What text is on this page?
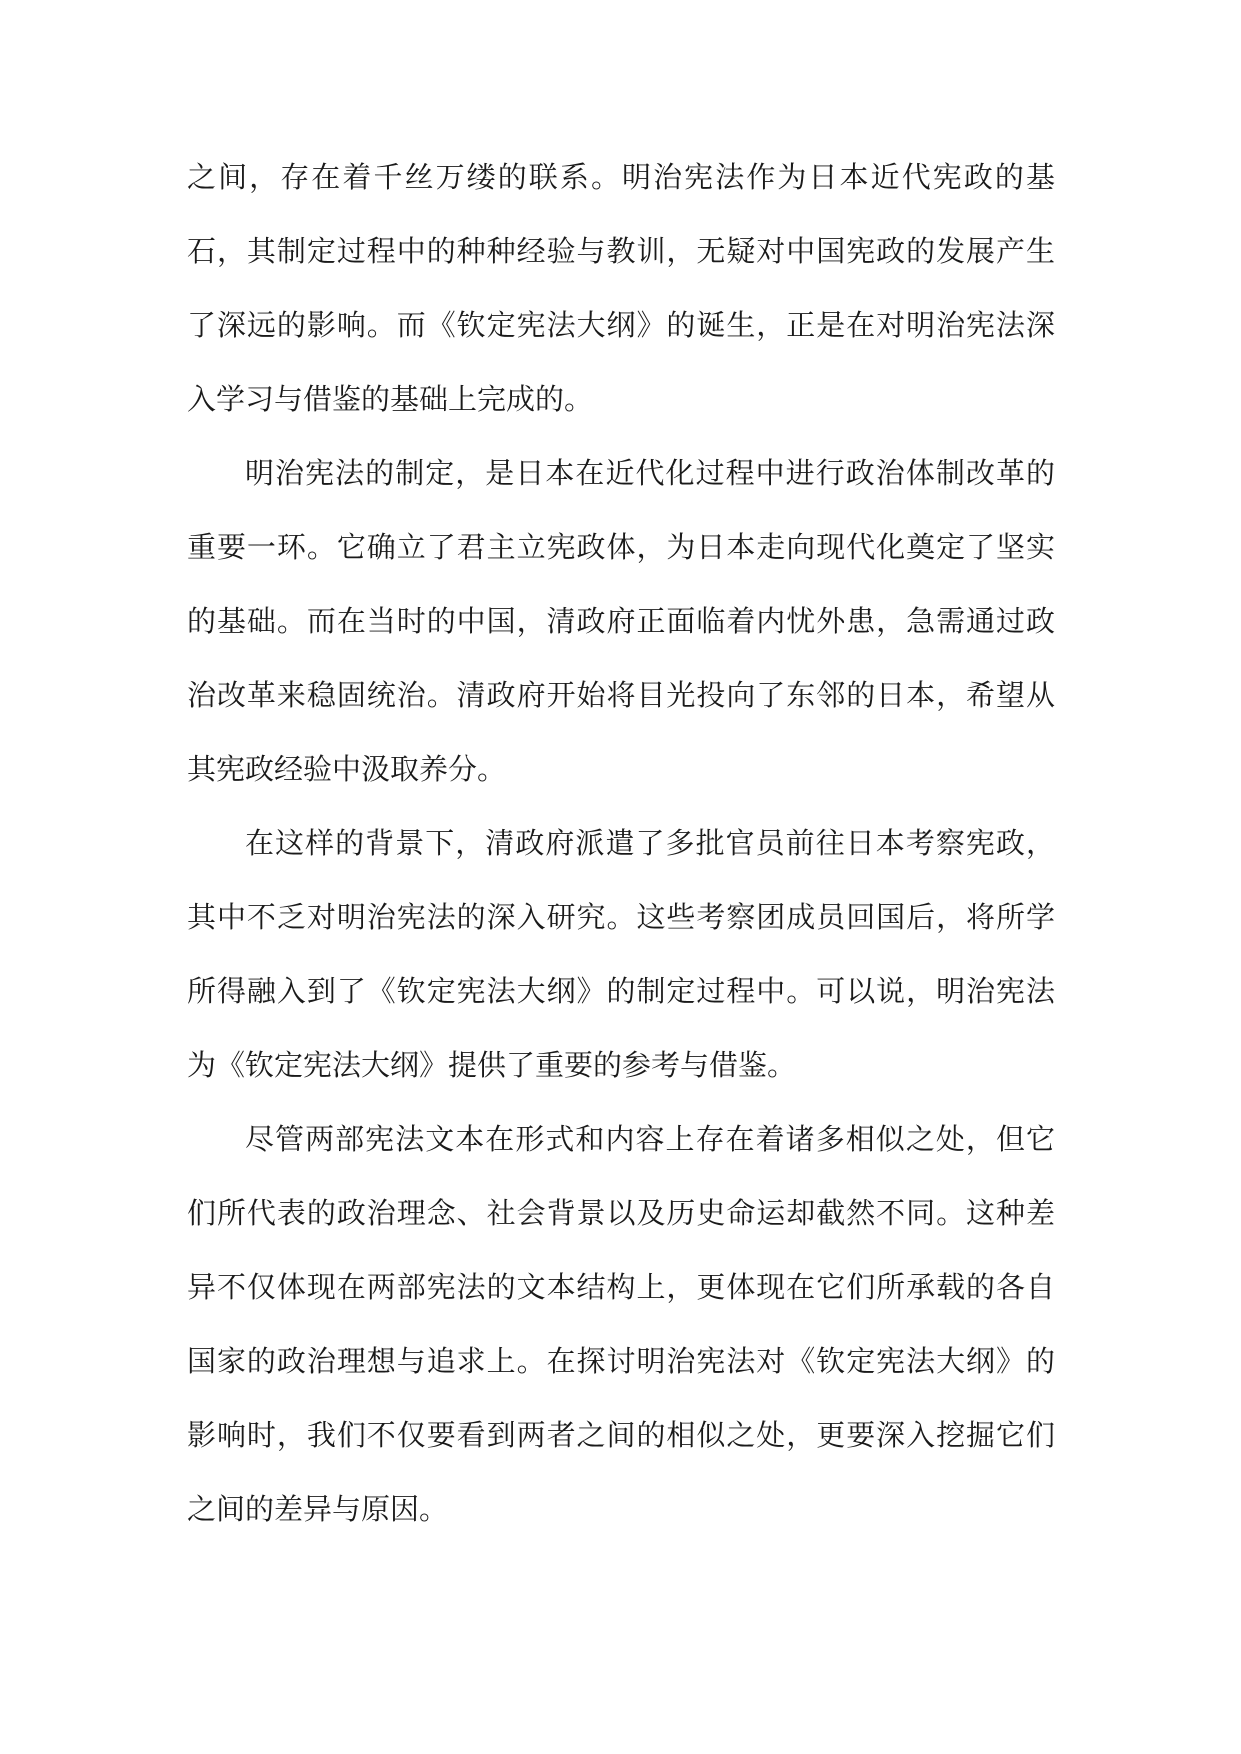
之间，存在着千丝万缕的联系。明治宪法作为日本近代宪政的基石，其制定过程中的种种经验与教训，无疑对中国宪政的发展产生了深远的影响。而《钦定宪法大纲》的诞生，正是在对明治宪法深入学习与借鉴的基础上完成的。

明治宪法的制定，是日本在近代化过程中进行政治体制改革的重要一环。它确立了君主立宪政体，为日本走向现代化奠定了坚实的基础。而在当时的中国，清政府正面临着内忧外患，急需通过政治改革来稳固统治。清政府开始将目光投向了东邻的日本，希望从其宪政经验中汲取养分。

在这样的背景下，清政府派遣了多批官员前往日本考察宪政，其中不乏对明治宪法的深入研究。这些考察团成员回国后，将所学所得融入到了《钦定宪法大纲》的制定过程中。可以说，明治宪法为《钦定宪法大纲》提供了重要的参考与借鉴。

尽管两部宪法文本在形式和内容上存在着诸多相似之处，但它们所代表的政治理念、社会背景以及历史命运却截然不同。这种差异不仅体现在两部宪法的文本结构上，更体现在它们所承载的各自国家的政治理想与追求上。在探讨明治宪法对《钦定宪法大纲》的影响时，我们不仅要看到两者之间的相似之处，更要深入挖掘它们之间的差异与原因。
